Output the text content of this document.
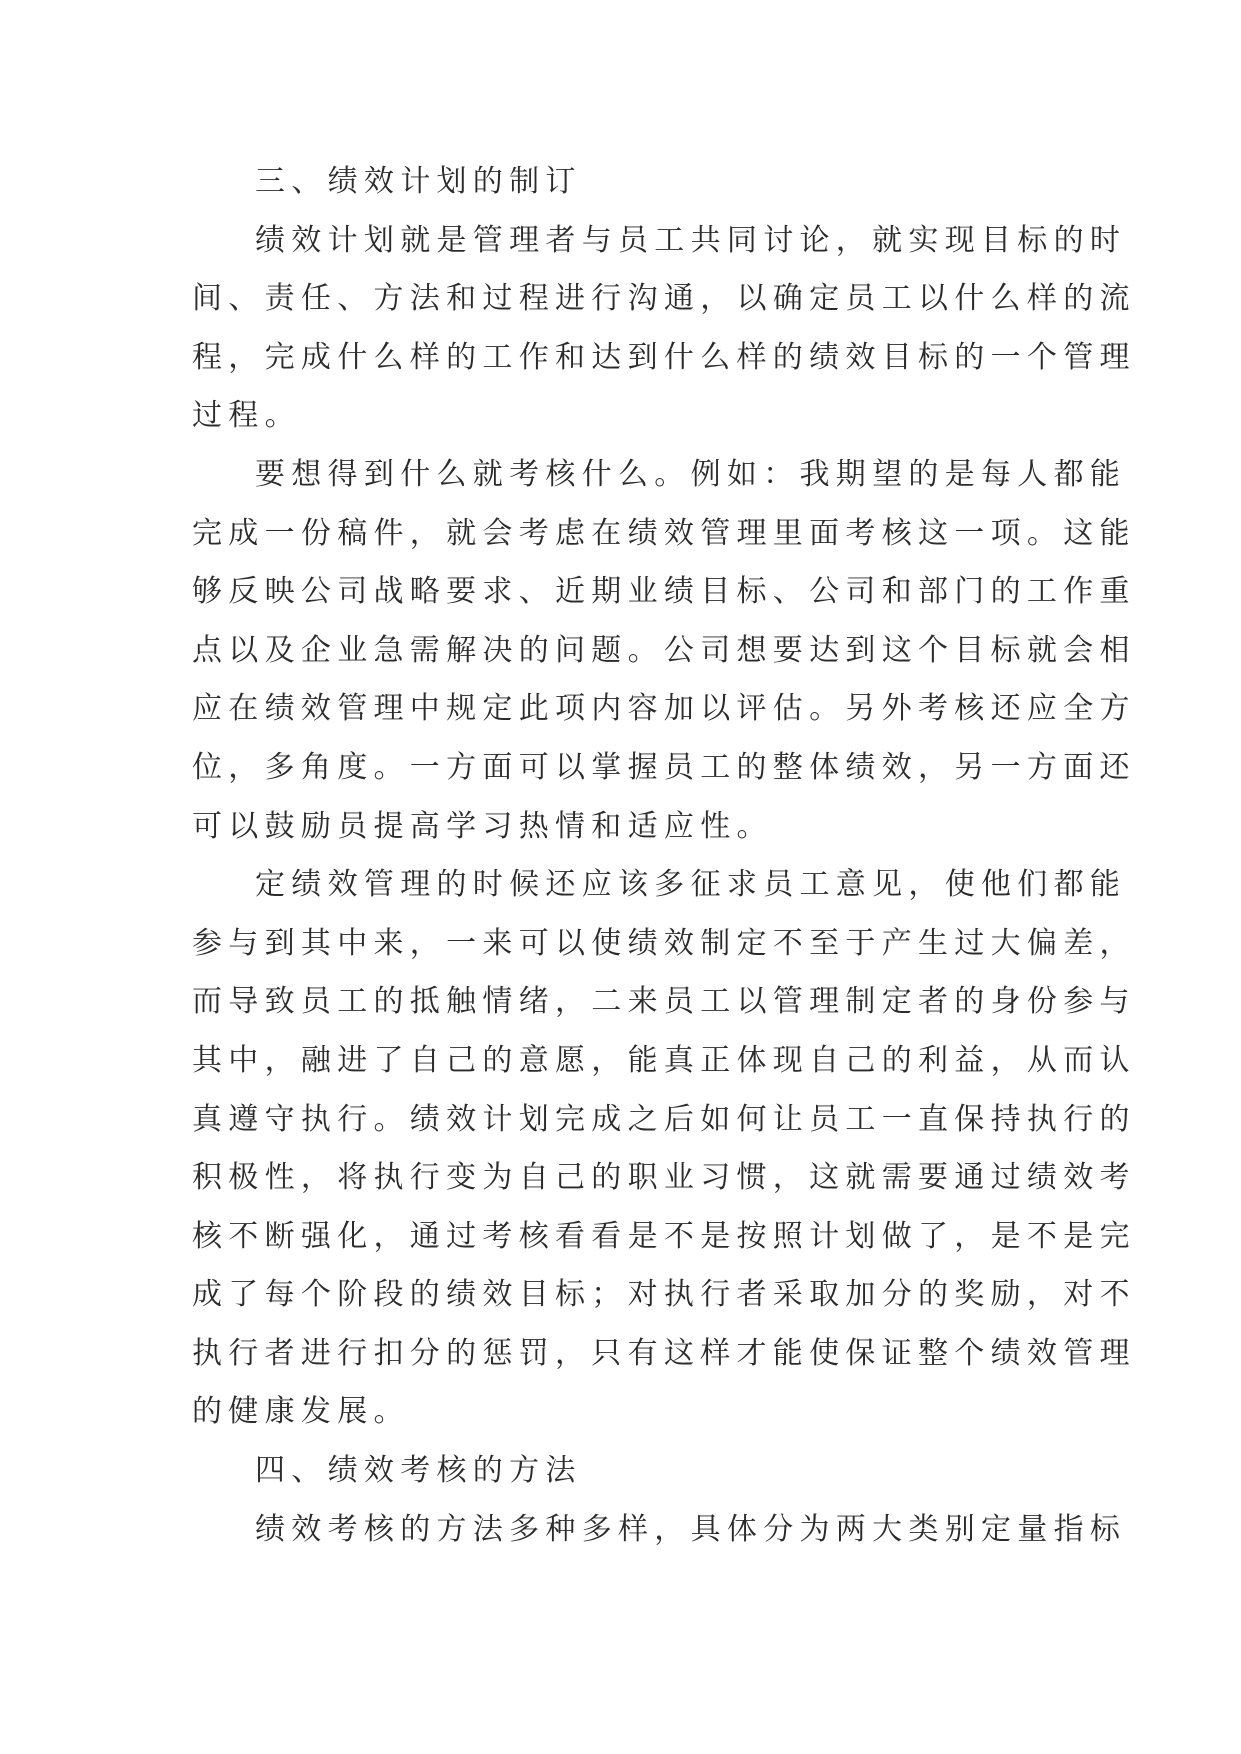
三、绩效计划的制订
绩效计划就是管理者与员工共同讨论，就实现目标的时
间、责任、方法和过程进行沟通，以确定员工以什么样的流
程，完成什么样的工作和达到什么样的绩效目标的一个管理
过程。
要想得到什么就考核什么。例如：我期望的是每人都能
完成一份稿件，就会考虑在绩效管理里面考核这一项。这能
够反映公司战略要求、近期业绩目标、公司和部门的工作重
点以及企业急需解决的问题。公司想要达到这个目标就会相
应在绩效管理中规定此项内容加以评估。另外考核还应全方
位，多角度。一方面可以掌握员工的整体绩效，另一方面还
可以鼓励员提高学习热情和适应性。
定绩效管理的时候还应该多征求员工意见，使他们都能
参与到其中来，一来可以使绩效制定不至于产生过大偏差，
而导致员工的抵触情绪，二来员工以管理制定者的身份参与
其中，融进了自己的意愿，能真正体现自己的利益，从而认
真遵守执行。绩效计划完成之后如何让员工一直保持执行的
积极性，将执行变为自己的职业习惯，这就需要通过绩效考
核不断强化，通过考核看看是不是按照计划做了，是不是完
成了每个阶段的绩效目标；对执行者采取加分的奖励，对不
执行者进行扣分的惩罚，只有这样才能使保证整个绩效管理
的健康发展。
四、绩效考核的方法
绩效考核的方法多种多样，具体分为两大类别定量指标
